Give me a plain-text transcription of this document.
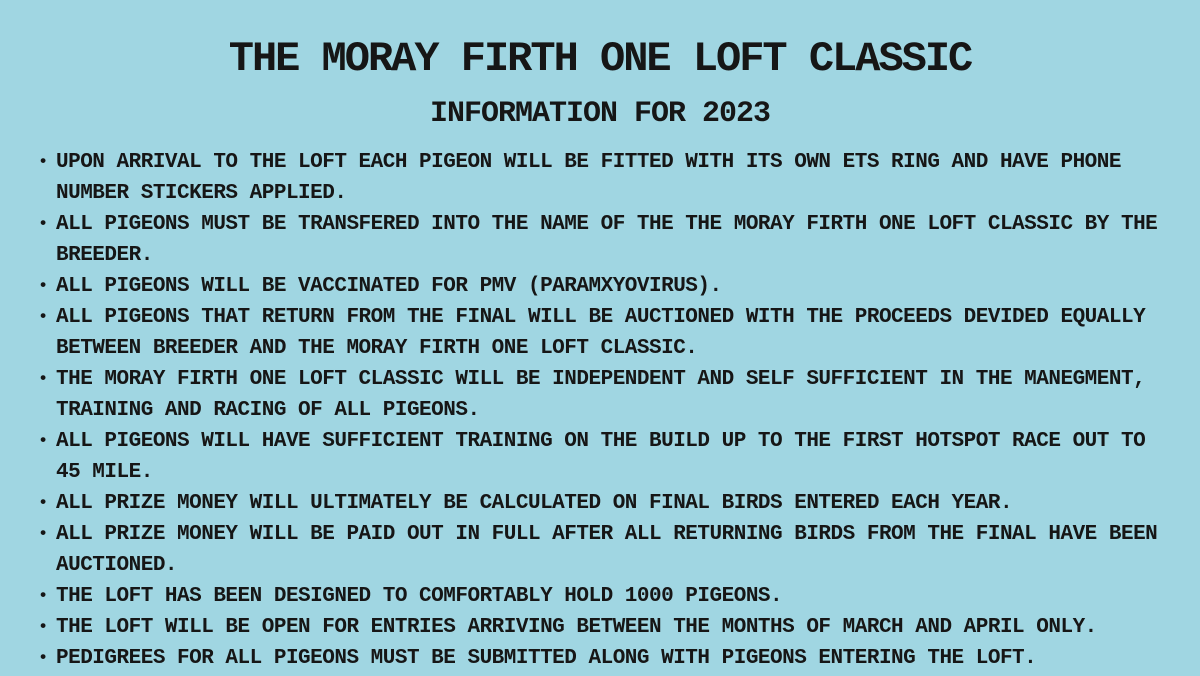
THE MORAY FIRTH ONE LOFT CLASSIC
INFORMATION FOR 2023
• UPON ARRIVAL TO THE LOFT EACH PIGEON WILL BE FITTED WITH ITS OWN ETS RING AND HAVE PHONE NUMBER STICKERS APPLIED.
• ALL PIGEONS MUST BE TRANSFERED INTO THE NAME OF THE THE MORAY FIRTH ONE LOFT CLASSIC BY THE BREEDER.
• ALL PIGEONS WILL BE VACCINATED FOR PMV (PARAMXYOVIRUS).
• ALL PIGEONS THAT RETURN FROM THE FINAL WILL BE AUCTIONED WITH THE PROCEEDS DEVIDED EQUALLY BETWEEN BREEDER AND THE MORAY FIRTH ONE LOFT CLASSIC.
• THE MORAY FIRTH ONE LOFT CLASSIC WILL BE INDEPENDENT AND SELF SUFFICIENT IN THE MANEGMENT, TRAINING AND RACING OF ALL PIGEONS.
• ALL PIGEONS WILL HAVE SUFFICIENT TRAINING ON THE BUILD UP TO THE FIRST HOTSPOT RACE OUT TO 45 MILE.
• ALL PRIZE MONEY WILL ULTIMATELY BE CALCULATED ON FINAL BIRDS ENTERED EACH YEAR.
• ALL PRIZE MONEY WILL BE PAID OUT IN FULL AFTER ALL RETURNING BIRDS FROM THE FINAL HAVE BEEN AUCTIONED.
• THE LOFT HAS BEEN DESIGNED TO COMFORTABLY HOLD 1000 PIGEONS.
• THE LOFT WILL BE OPEN FOR ENTRIES ARRIVING BETWEEN THE MONTHS OF MARCH AND APRIL ONLY.
• PEDIGREES FOR ALL PIGEONS MUST BE SUBMITTED ALONG WITH PIGEONS ENTERING THE LOFT.
